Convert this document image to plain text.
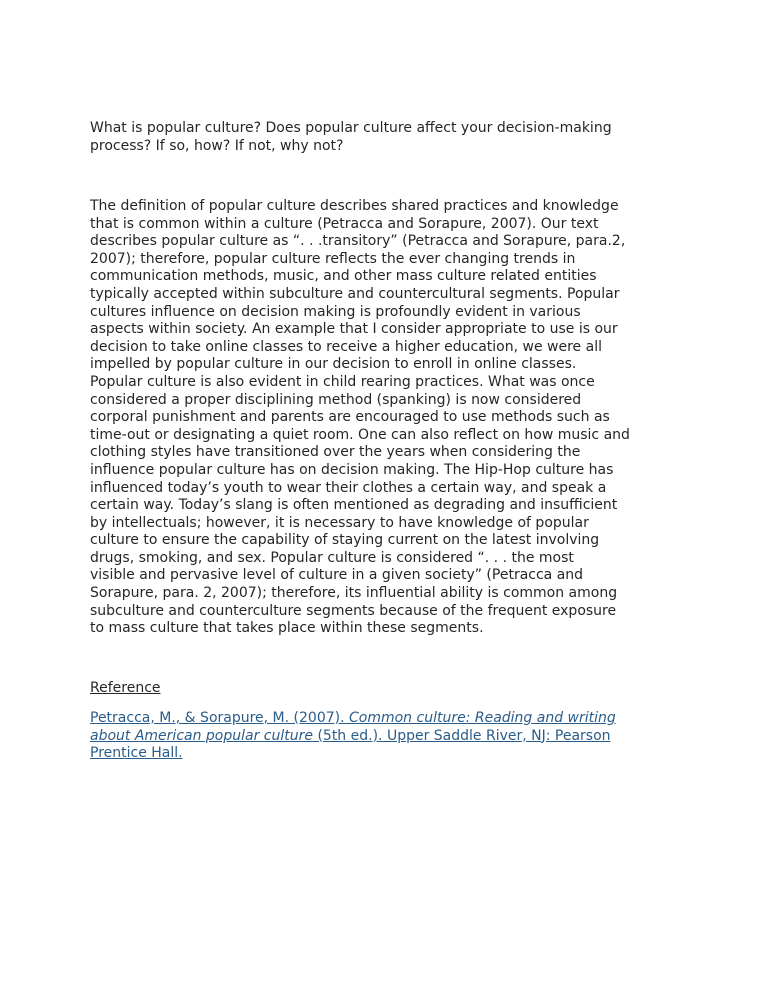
What is popular culture? Does popular culture affect your decision-making
process? If so, how? If not, why not?

The definition of popular culture describes shared practices and knowledge
that is common within a culture (Petracca and Sorapure, 2007). Our text
describes popular culture as “. . .transitory” (Petracca and Sorapure, para.2,
2007); therefore, popular culture reflects the ever changing trends in
communication methods, music, and other mass culture related entities
typically accepted within subculture and countercultural segments. Popular
cultures influence on decision making is profoundly evident in various
aspects within society. An example that I consider appropriate to use is our
decision to take online classes to receive a higher education, we were all
impelled by popular culture in our decision to enroll in online classes.
Popular culture is also evident in child rearing practices. What was once
considered a proper disciplining method (spanking) is now considered
corporal punishment and parents are encouraged to use methods such as
time-out or designating a quiet room. One can also reflect on how music and
clothing styles have transitioned over the years when considering the
influence popular culture has on decision making. The Hip-Hop culture has
influenced today’s youth to wear their clothes a certain way, and speak a
certain way. Today’s slang is often mentioned as degrading and insufficient
by intellectuals; however, it is necessary to have knowledge of popular
culture to ensure the capability of staying current on the latest involving
drugs, smoking, and sex. Popular culture is considered “. . . the most
visible and pervasive level of culture in a given society” (Petracca and
Sorapure, para. 2, 2007); therefore, its influential ability is common among
subculture and counterculture segments because of the frequent exposure
to mass culture that takes place within these segments.

Reference

Petracca, M., & Sorapure, M. (2007). Common culture: Reading and writing
about American popular culture (5th ed.). Upper Saddle River, NJ: Pearson
Prentice Hall.
